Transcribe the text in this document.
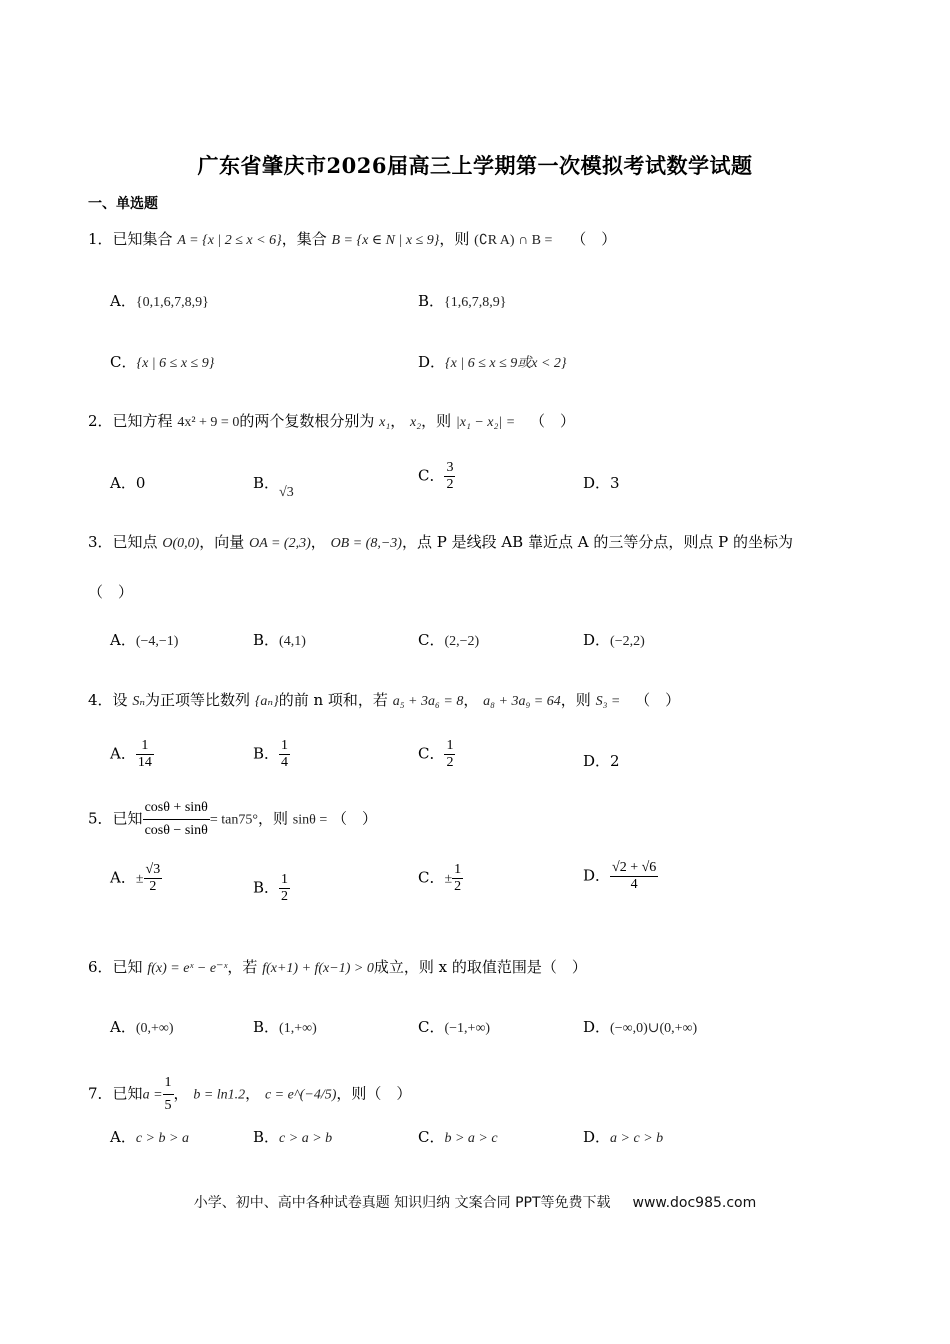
广东省肇庆市2026届高三上学期第一次模拟考试数学试题
一、单选题
1．已知集合 A = {x | 2 ≤ x < 6}，集合 B = {x ∈ N | x ≤ 9}，则 (∁R A) ∩ B = （　）
A．{0,1,6,7,8,9}	B．{1,6,7,8,9}
C．{x | 6 ≤ x ≤ 9}	D．{x | 6 ≤ x ≤ 9或x < 2}
2．已知方程 4x² + 9 = 0的两个复数根分别为 x₁， x₂，则 |x₁ − x₂| = （　）
A．0	B．√3
C． $\frac{3}{2}$	D．3
3．已知点 O(0,0)，向量 OA = (2,3)， OB = (8,−3)，点 P 是线段 AB 靠近点 A 的三等分点，则点 P 的坐标为
（　）
A．(−4,−1)	B．(4,1)	C．(2,−2)	D．(−2,2)
4．设 Sₙ为正项等比数列 {aₙ}的前 n 项和，若 a₅ + 3a₆ = 8， a₈ + 3a₉ = 64，则 S₃ = （　）
A． $\frac{1}{14}$	B． $\frac{1}{4}$	C． $\frac{1}{2}$	D．2
5．已知 $\frac{\cos\theta + \sin\theta}{\cos\theta - \sin\theta} = \tan 75^\circ$，则 sinθ = （　）
A．± $\frac{√3}{2}$	B． $\frac{1}{2}$	C．± $\frac{1}{2}$	D． $\frac{√2 + √6}{4}$
6．已知 f(x) = eˣ − e⁻ˣ，若 f(x+1) + f(x−1) > 0成立，则 x 的取值范围是（　）
A．(0,+∞)	B．(1,+∞)	C．(−1,+∞)	D．(−∞,0)∪(0,+∞)
7．已知$a = \frac{1}{5}$ ， b = ln1.2， c = e^(−4/5)，则（　）
A．c > b > a	B．c > a > b	C．b > a > c	D．a > c > b
小学、初中、高中各种试卷真题 知识归纳 文案合同 PPT等免费下载 www.doc985.com
